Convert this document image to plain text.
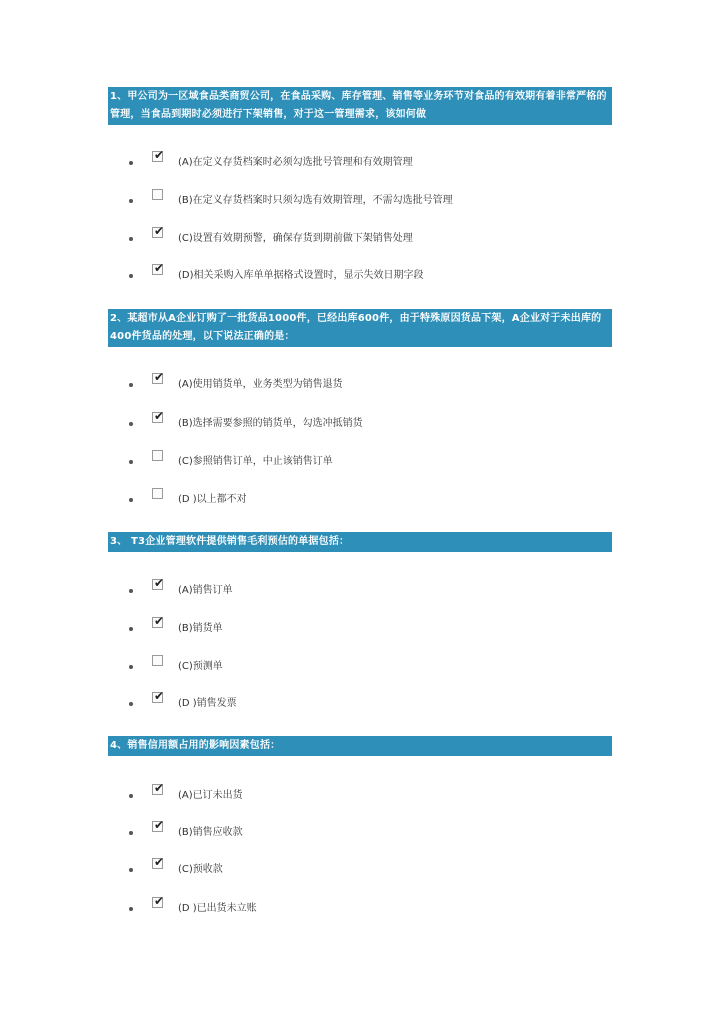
1、甲公司为一区域食品类商贸公司，在食品采购、库存管理、销售等业务环节对食品的有效期有着非常严格的管理，当食品到期时必须进行下架销售，对于这一管理需求，该如何做
✔
(A)在定义存货档案时必须勾选批号管理和有效期管理
(B)在定义存货档案时只须勾选有效期管理，不需勾选批号管理
✔
(C)设置有效期预警，确保存货到期前做下架销售处理
✔
(D)相关采购入库单单据格式设置时，显示失效日期字段
2、某超市从A企业订购了一批货品1000件，已经出库600件，由于特殊原因货品下架，A企业对于未出库的400件货品的处理，以下说法正确的是：
✔
(A)使用销货单，业务类型为销售退货
✔
(B)选择需要参照的销货单，勾选冲抵销货
(C)参照销售订单，中止该销售订单
(D )以上都不对
3、 T3企业管理软件提供销售毛利预估的单据包括：
✔
(A)销售订单
✔
(B)销货单
(C)预测单
✔
(D )销售发票
4、销售信用额占用的影响因素包括：
✔
(A)已订未出货
✔
(B)销售应收款
✔
(C)预收款
✔
(D )已出货未立账
